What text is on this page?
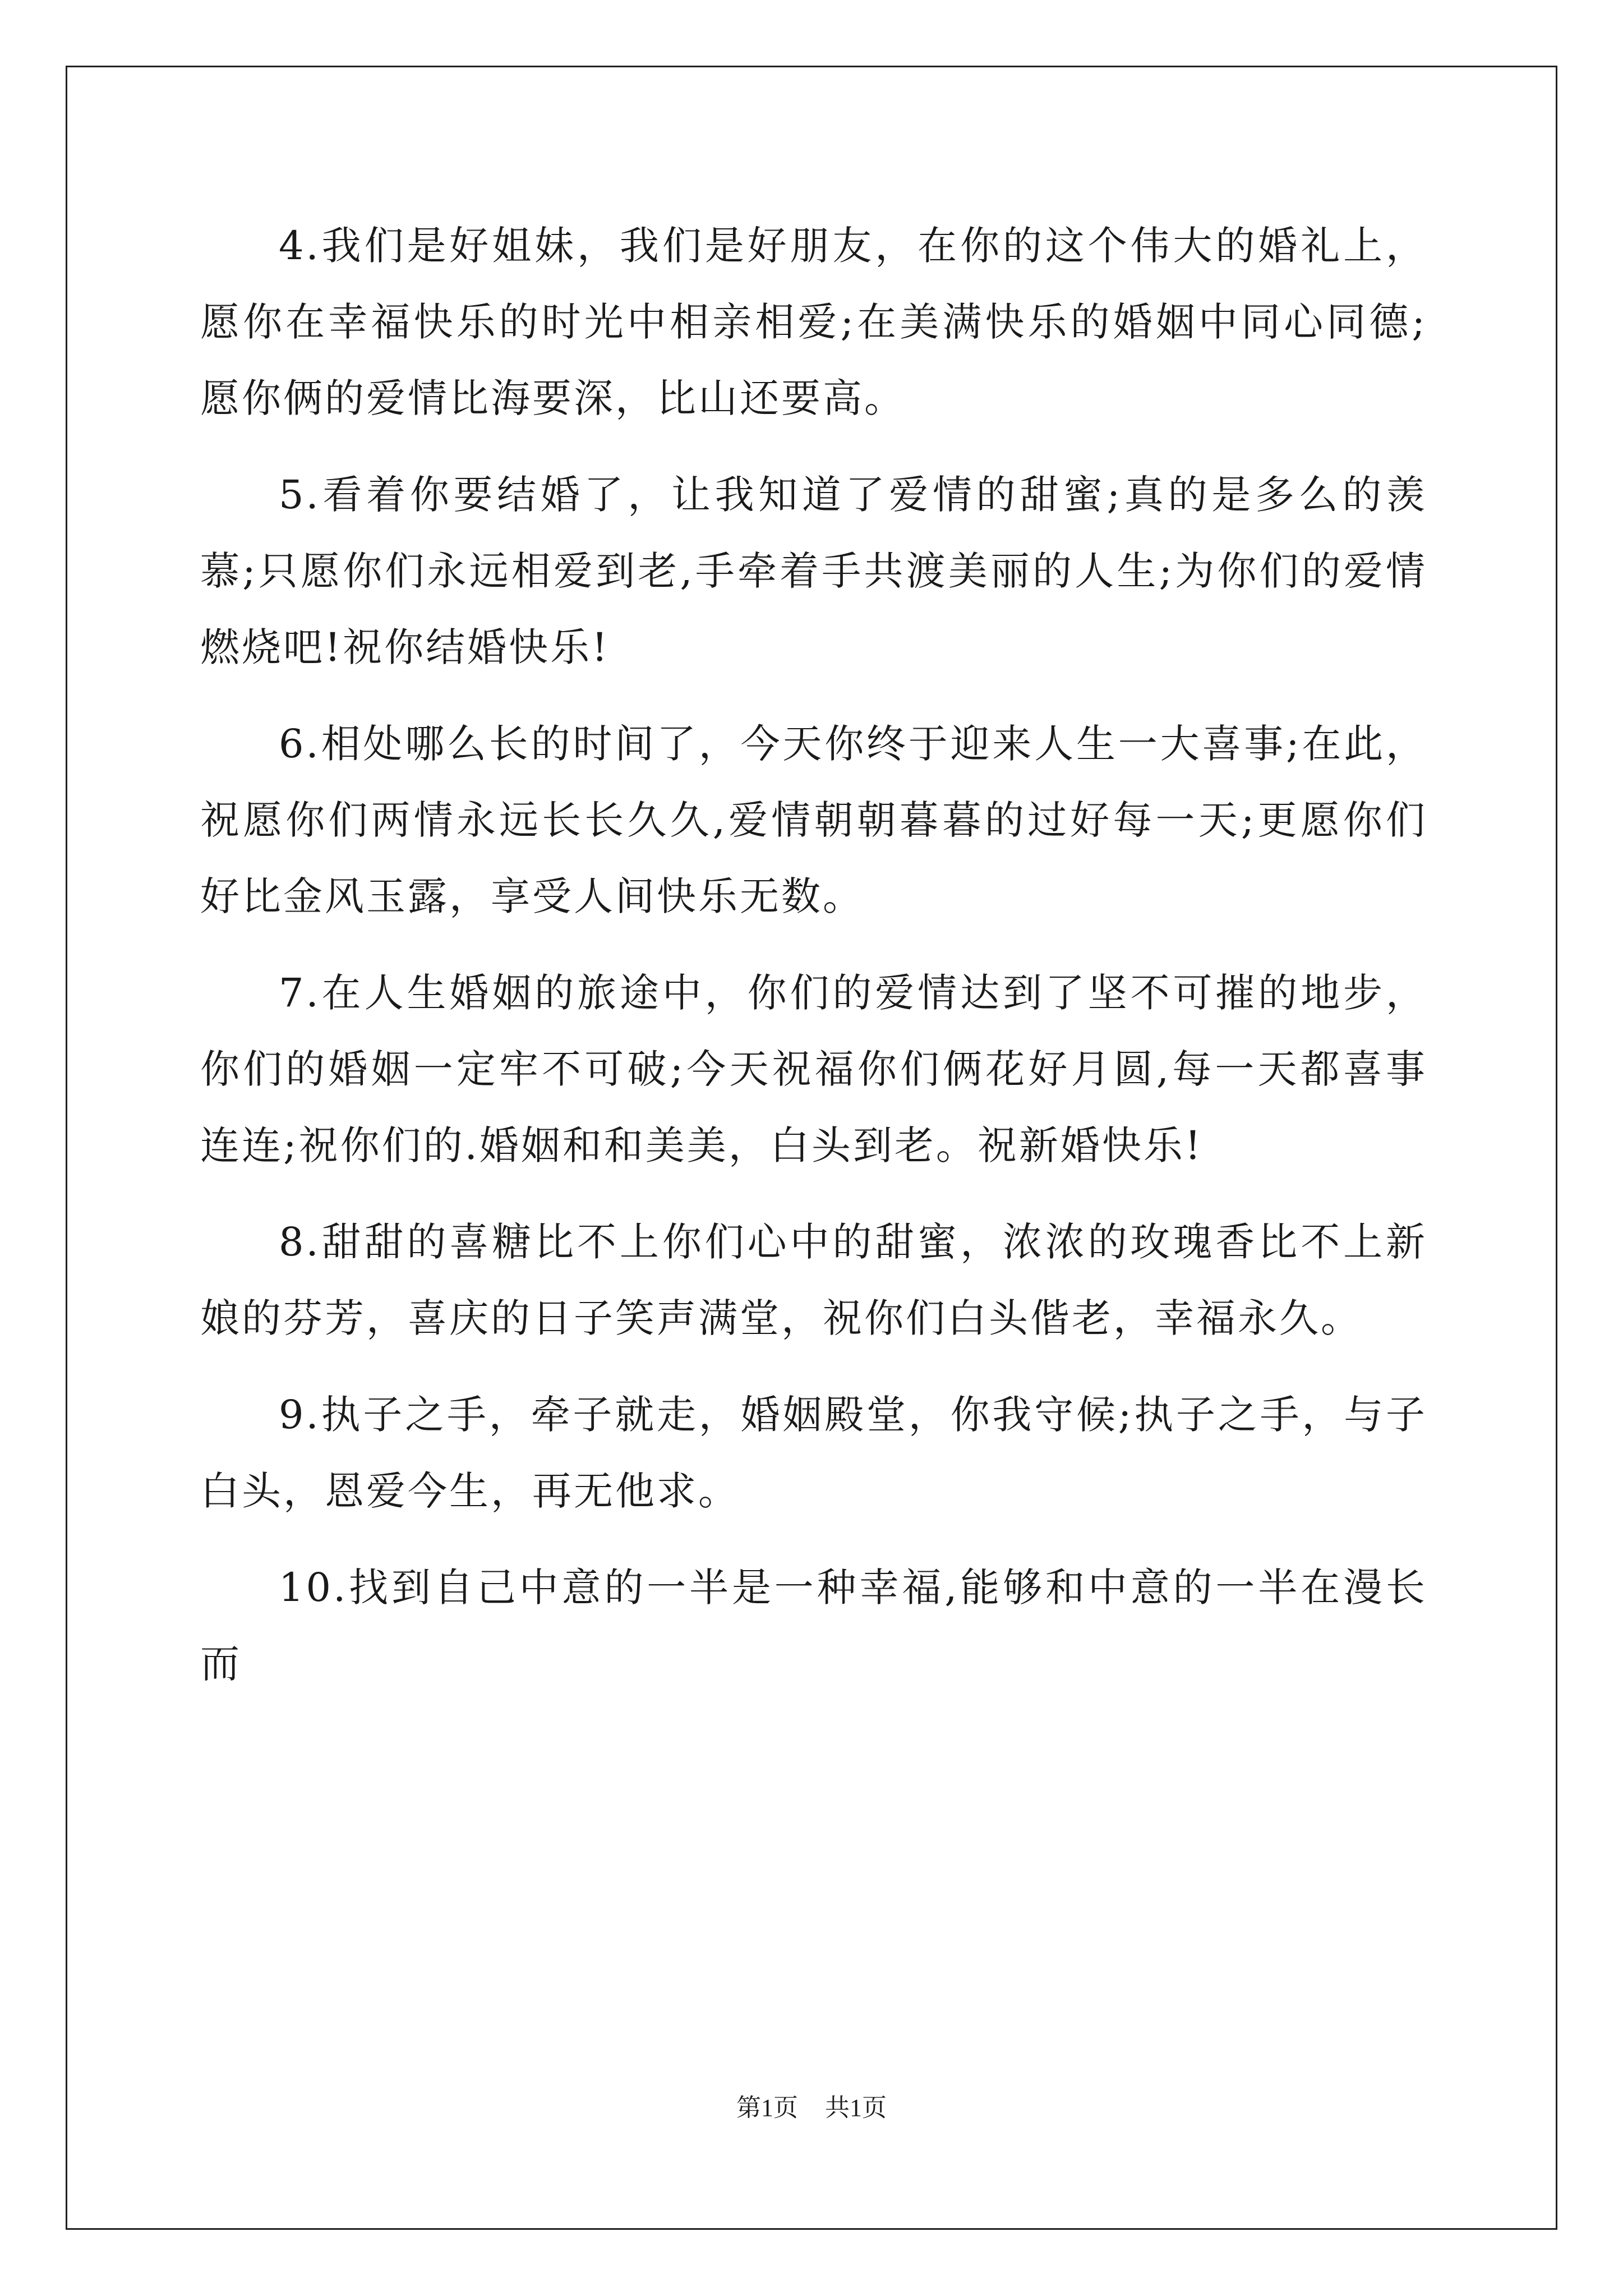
4.我们是好姐妹，我们是好朋友，在你的这个伟大的婚礼上，愿你在幸福快乐的时光中相亲相爱;在美满快乐的婚姻中同心同德;愿你俩的爱情比海要深，比山还要高。

5.看着你要结婚了，让我知道了爱情的甜蜜;真的是多么的羡慕;只愿你们永远相爱到老,手牵着手共渡美丽的人生;为你们的爱情燃烧吧!祝你结婚快乐!

6.相处哪么长的时间了，今天你终于迎来人生一大喜事;在此，祝愿你们两情永远长长久久,爱情朝朝暮暮的过好每一天;更愿你们好比金风玉露，享受人间快乐无数。

7.在人生婚姻的旅途中，你们的爱情达到了坚不可摧的地步，你们的婚姻一定牢不可破;今天祝福你们俩花好月圆,每一天都喜事连连;祝你们的.婚姻和和美美，白头到老。祝新婚快乐!

8.甜甜的喜糖比不上你们心中的甜蜜，浓浓的玫瑰香比不上新娘的芬芳，喜庆的日子笑声满堂，祝你们白头偕老，幸福永久。

9.执子之手，牵子就走，婚姻殿堂，你我守候;执子之手，与子白头，恩爱今生，再无他求。

10.找到自己中意的一半是一种幸福,能够和中意的一半在漫长而

第1页 共1页
